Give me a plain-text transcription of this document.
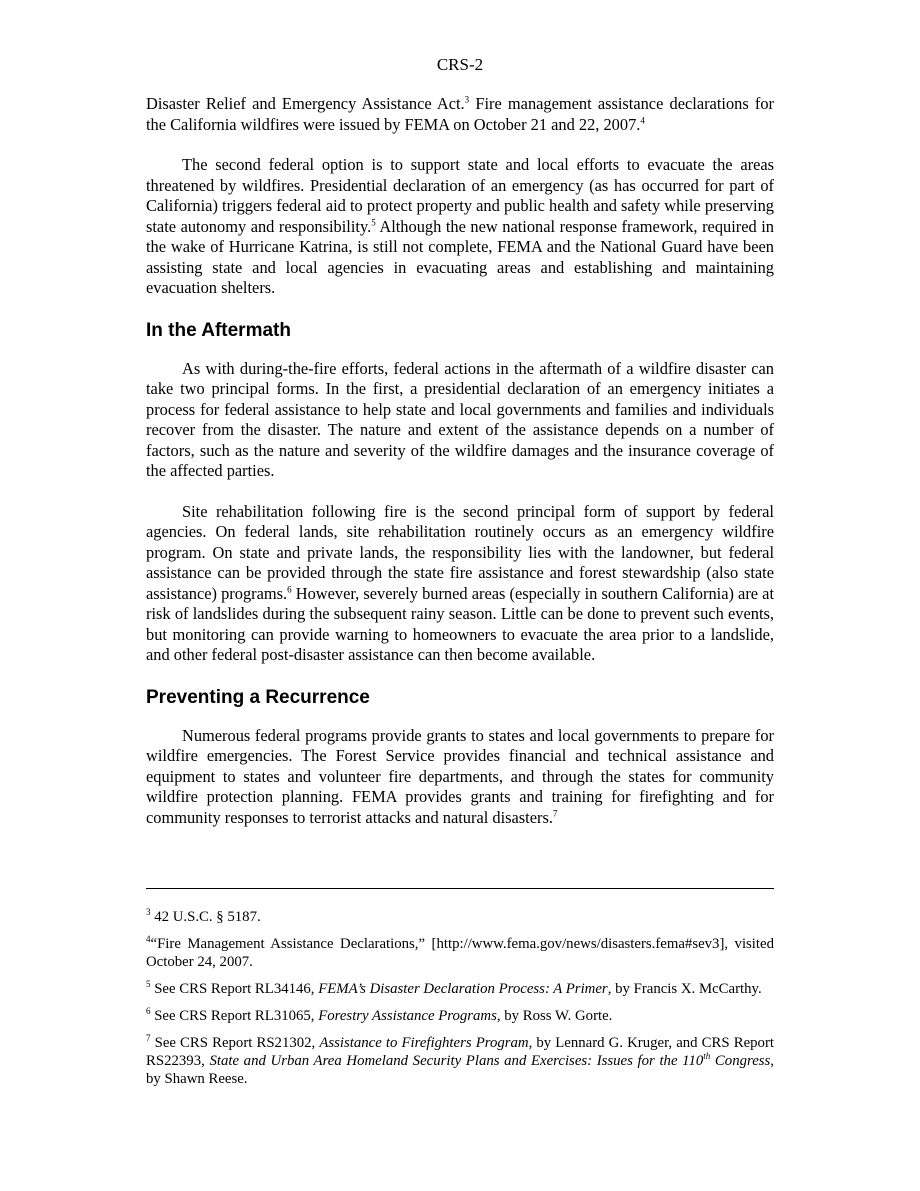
CRS-2

Disaster Relief and Emergency Assistance Act.$^3$ Fire management assistance declarations for the California wildfires were issued by FEMA on October 21 and 22, 2007.$^4$

The second federal option is to support state and local efforts to evacuate the areas threatened by wildfires. Presidential declaration of an emergency (as has occurred for part of California) triggers federal aid to protect property and public health and safety while preserving state autonomy and responsibility.$^5$ Although the new national response framework, required in the wake of Hurricane Katrina, is still not complete, FEMA and the National Guard have been assisting state and local agencies in evacuating areas and establishing and maintaining evacuation shelters.

In the Aftermath

As with during-the-fire efforts, federal actions in the aftermath of a wildfire disaster can take two principal forms. In the first, a presidential declaration of an emergency initiates a process for federal assistance to help state and local governments and families and individuals recover from the disaster. The nature and extent of the assistance depends on a number of factors, such as the nature and severity of the wildfire damages and the insurance coverage of the affected parties.

Site rehabilitation following fire is the second principal form of support by federal agencies. On federal lands, site rehabilitation routinely occurs as an emergency wildfire program. On state and private lands, the responsibility lies with the landowner, but federal assistance can be provided through the state fire assistance and forest stewardship (also state assistance) programs.$^6$ However, severely burned areas (especially in southern California) are at risk of landslides during the subsequent rainy season. Little can be done to prevent such events, but monitoring can provide warning to homeowners to evacuate the area prior to a landslide, and other federal post-disaster assistance can then become available.

Preventing a Recurrence

Numerous federal programs provide grants to states and local governments to prepare for wildfire emergencies. The Forest Service provides financial and technical assistance and equipment to states and volunteer fire departments, and through the states for community wildfire protection planning. FEMA provides grants and training for firefighting and for community responses to terrorist attacks and natural disasters.$^7$

$^3$ 42 U.S.C. § 5187.

$^4$“Fire Management Assistance Declarations,” [http://www.fema.gov/news/disasters.fema#sev3], visited October 24, 2007.

$^5$ See CRS Report RL34146, FEMA’s Disaster Declaration Process: A Primer, by Francis X. McCarthy.

$^6$ See CRS Report RL31065, Forestry Assistance Programs, by Ross W. Gorte.

$^7$ See CRS Report RS21302, Assistance to Firefighters Program, by Lennard G. Kruger, and CRS Report RS22393, State and Urban Area Homeland Security Plans and Exercises: Issues for the 110th Congress, by Shawn Reese.
